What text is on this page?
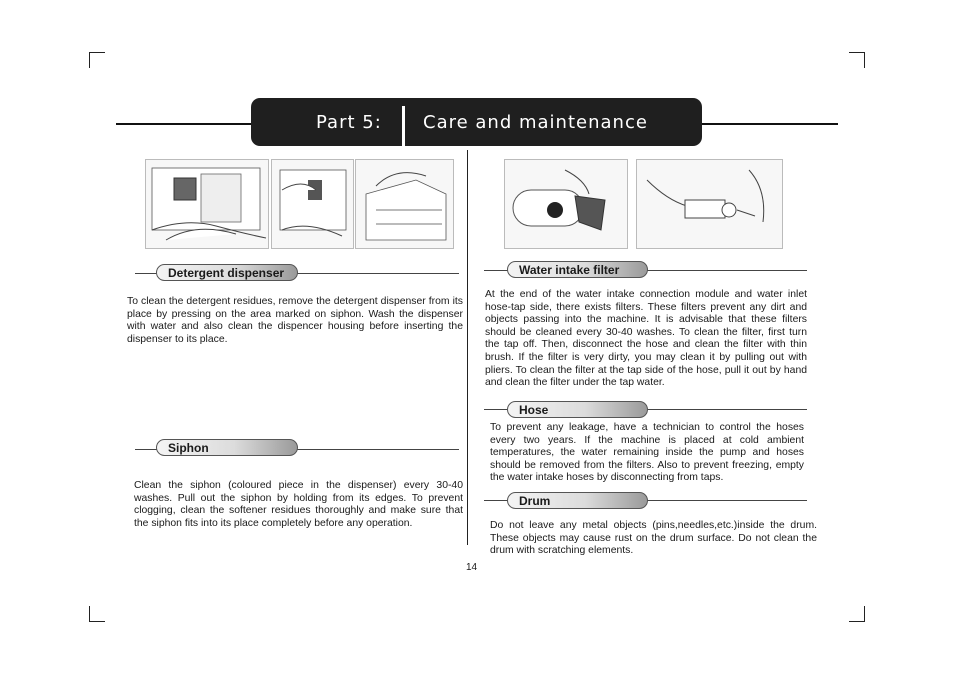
Part 5: Care and maintenance
Detergent dispenser
To clean the detergent residues, remove the detergent dispenser from its place by pressing on the area marked on siphon. Wash the dispenser with water and also clean the dispencer housing before inserting the dispenser to its place.
Siphon
Clean the siphon (coloured piece in the dispenser) every 30-40 washes. Pull out the siphon by holding from its edges. To prevent clogging, clean the softener residues thoroughly and make sure that the siphon fits into its place completely before any operation.
Water intake filter
At the end of the water intake connection module and water inlet hose-tap side, there exists filters. These filters prevent any dirt and objects passing into the machine. It is advisable that these filters should be cleaned every 30-40 washes. To clean the filter, first turn the tap off. Then, disconnect the hose and clean the filter with thin brush. If the filter is very dirty, you may clean it by pulling out with pliers. To clean the filter at the tap side of the hose, pull it out by hand and clean the filter under the tap water.
Hose
To prevent any leakage, have a technician to control the hoses every two years. If the machine is placed at cold ambient temperatures, the water remaining inside the pump and hoses should be removed from the filters. Also to prevent freezing, empty the water intake hoses by disconnecting from taps.
Drum
Do not leave any metal objects (pins,needles,etc.)inside the drum. These objects may cause rust on the drum surface. Do not clean the drum with scratching elements.
14
